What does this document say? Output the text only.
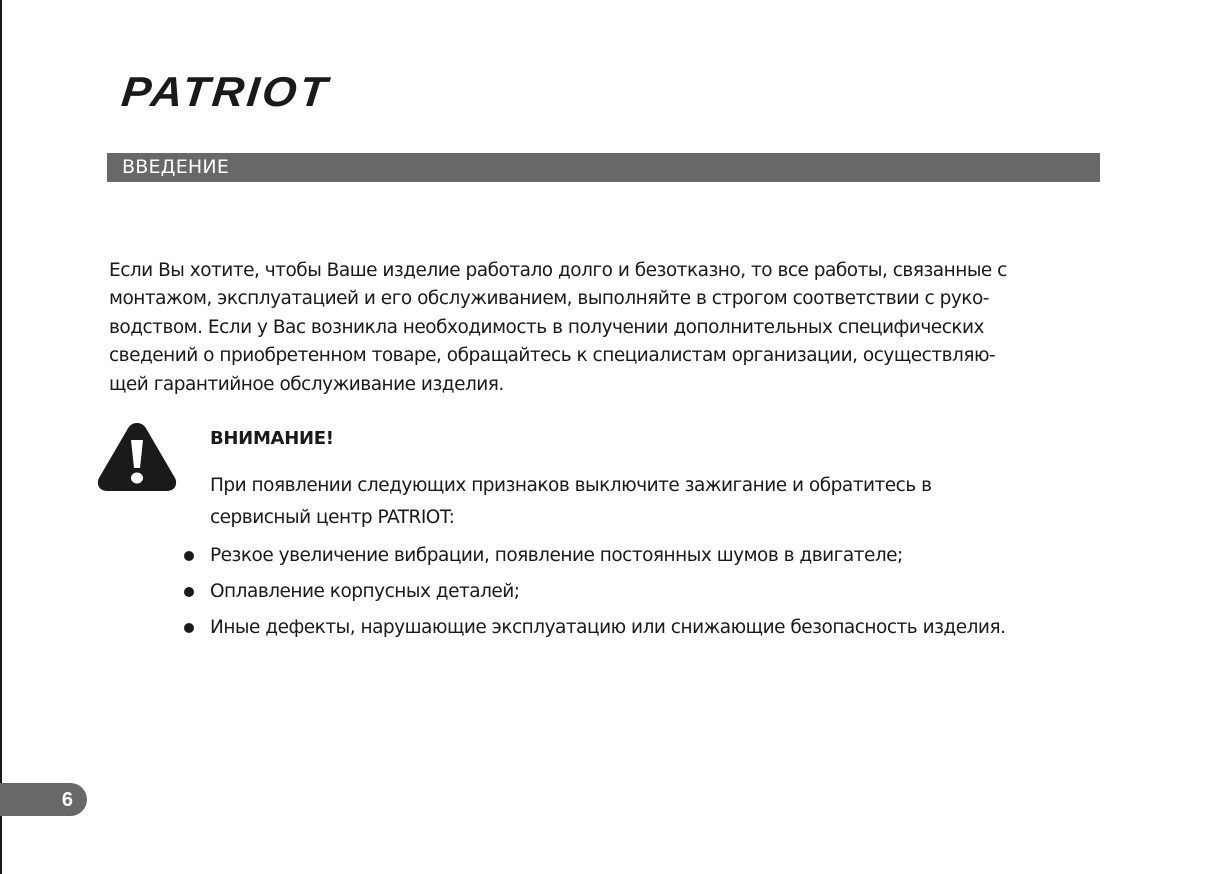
PATRIOT
ВВЕДЕНИЕ
Если Вы хотите, чтобы Ваше изделие работало долго и безотказно, то все работы, связанные с
монтажом, эксплуатацией и его обслуживанием, выполняйте в строгом соответствии с руко-
водством. Если у Вас возникла необходимость в получении дополнительных специфических
сведений о приобретенном товаре, обращайтесь к специалистам организации, осуществляю-
щей гарантийное обслуживание изделия.
ВНИМАНИЕ!
При появлении следующих признаков выключите зажигание и обратитесь в
сервисный центр PATRIOT:
Резкое увеличение вибрации, появление постоянных шумов в двигателе;
Оплавление корпусных деталей;
Иные дефекты, нарушающие эксплуатацию или снижающие безопасность изделия.
6
